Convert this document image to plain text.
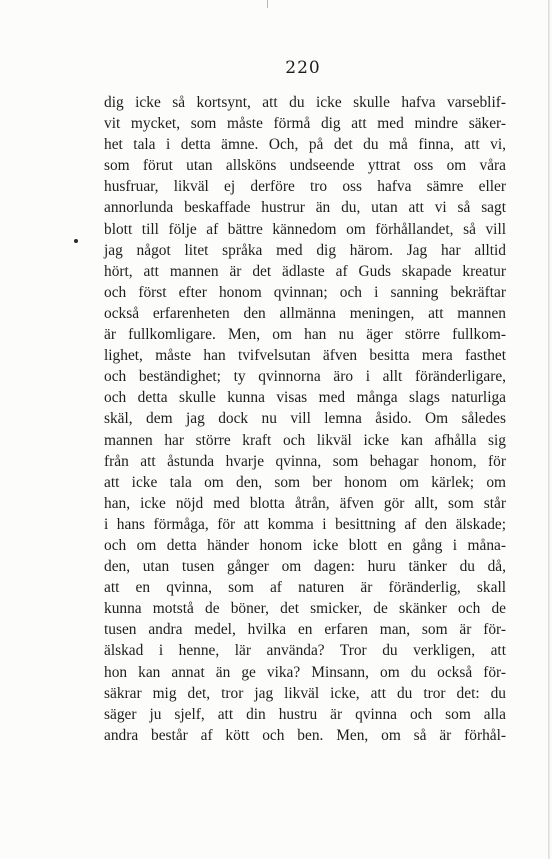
220
dig icke så kortsynt, att du icke skulle hafva varseblif-
vit mycket, som måste förmå dig att med mindre säker-
het tala i detta ämne. Och, på det du må finna, att vi,
som förut utan allsköns undseende yttrat oss om våra
husfruar, likväl ej derföre tro oss hafva sämre eller
annorlunda beskaffade hustrur än du, utan att vi så sagt
blott till följe af bättre kännedom om förhållandet, så vill
jag något litet språka med dig härom. Jag har alltid
hört, att mannen är det ädlaste af Guds skapade kreatur
och först efter honom qvinnan; och i sanning bekräftar
också erfarenheten den allmänna meningen, att mannen
är fullkomligare. Men, om han nu äger större fullkom-
lighet, måste han tvifvelsutan äfven besitta mera fasthet
och beständighet; ty qvinnorna äro i allt föränderligare,
och detta skulle kunna visas med många slags naturliga
skäl, dem jag dock nu vill lemna åsido. Om således
mannen har större kraft och likväl icke kan afhålla sig
från att åstunda hvarje qvinna, som behagar honom, för
att icke tala om den, som ber honom om kärlek; om
han, icke nöjd med blotta åtrån, äfven gör allt, som står
i hans förmåga, för att komma i besittning af den älskade;
och om detta händer honom icke blott en gång i måna-
den, utan tusen gånger om dagen: huru tänker du då,
att en qvinna, som af naturen är föränderlig, skall
kunna motstå de böner, det smicker, de skänker och de
tusen andra medel, hvilka en erfaren man, som är för-
älskad i henne, lär använda? Tror du verkligen, att
hon kan annat än ge vika? Minsann, om du också för-
säkrar mig det, tror jag likväl icke, att du tror det: du
säger ju sjelf, att din hustru är qvinna och som alla
andra består af kött och ben. Men, om så är förhål-
